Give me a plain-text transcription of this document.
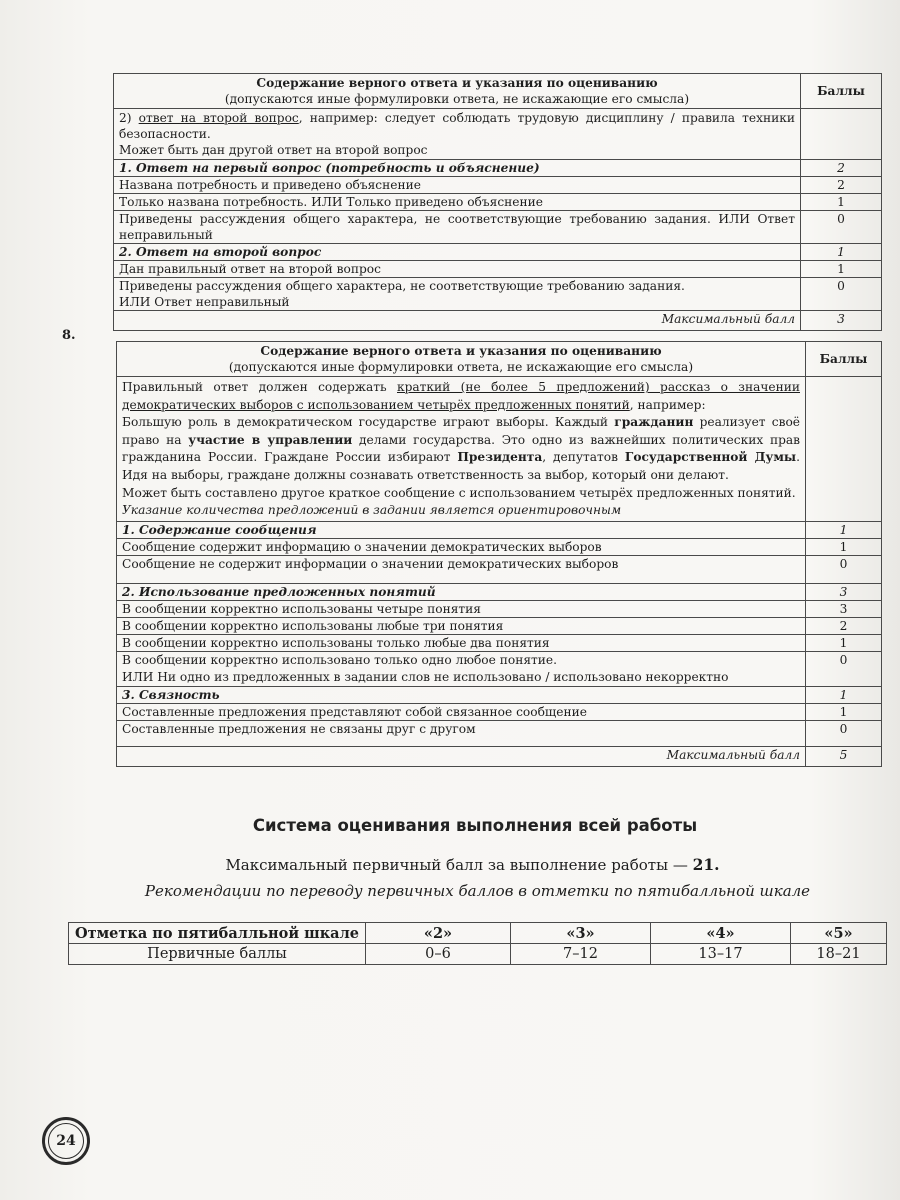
Содержание верного ответа и указания по оцениванию
(допускаются иные формулировки ответа, не искажающие его смысла)	Баллы
2) ответ на второй вопрос, например: следует соблюдать трудовую дисциплину / правила техники безопасности.
Может быть дан другой ответ на второй вопрос	
1. Ответ на первый вопрос (потребность и объяснение)	2
Названа потребность и приведено объяснение	2
Только названа потребность. ИЛИ Только приведено объяснение	1
Приведены рассуждения общего характера, не соответствующие требованию задания. ИЛИ Ответ неправильный	0
2. Ответ на второй вопрос	1
Дан правильный ответ на второй вопрос	1
Приведены рассуждения общего характера, не соответствующие требованию задания.
ИЛИ Ответ неправильный	0
Максимальный балл	3
8.
Содержание верного ответа и указания по оцениванию
(допускаются иные формулировки ответа, не искажающие его смысла)	Баллы
Правильный ответ должен содержать краткий (не более 5 предложений) рассказ о значении демократических выборов с использованием четырёх предложенных понятий, например:
Большую роль в демократическом государстве играют выборы. Каждый гражданин реализует своё право на участие в управлении делами государства. Это одно из важнейших политических прав гражданина России. Граждане России избирают Президента, депутатов Государственной Думы. Идя на выборы, граждане должны сознавать ответственность за выбор, который они делают.
Может быть составлено другое краткое сообщение с использованием четырёх предложенных понятий.
Указание количества предложений в задании является ориентировочным	
1. Содержание сообщения	1
Сообщение содержит информацию о значении демократических выборов	1
Сообщение не содержит информации о значении демократических выборов	0
2. Использование предложенных понятий	3
В сообщении корректно использованы четыре понятия	3
В сообщении корректно использованы любые три понятия	2
В сообщении корректно использованы только любые два понятия	1
В сообщении корректно использовано только одно любое понятие.
ИЛИ Ни одно из предложенных в задании слов не использовано / использовано некорректно	0
3. Связность	1
Составленные предложения представляют собой связанное сообщение	1
Составленные предложения не связаны друг с другом	0
Максимальный балл	5
Система оценивания выполнения всей работы
Максимальный первичный балл за выполнение работы — 21.
Рекомендации по переводу первичных баллов в отметки по пятибалльной шкале
Отметка по пятибалльной шкале	«2»	«3»	«4»	«5»
Первичные баллы	0–6	7–12	13–17	18–21
24
